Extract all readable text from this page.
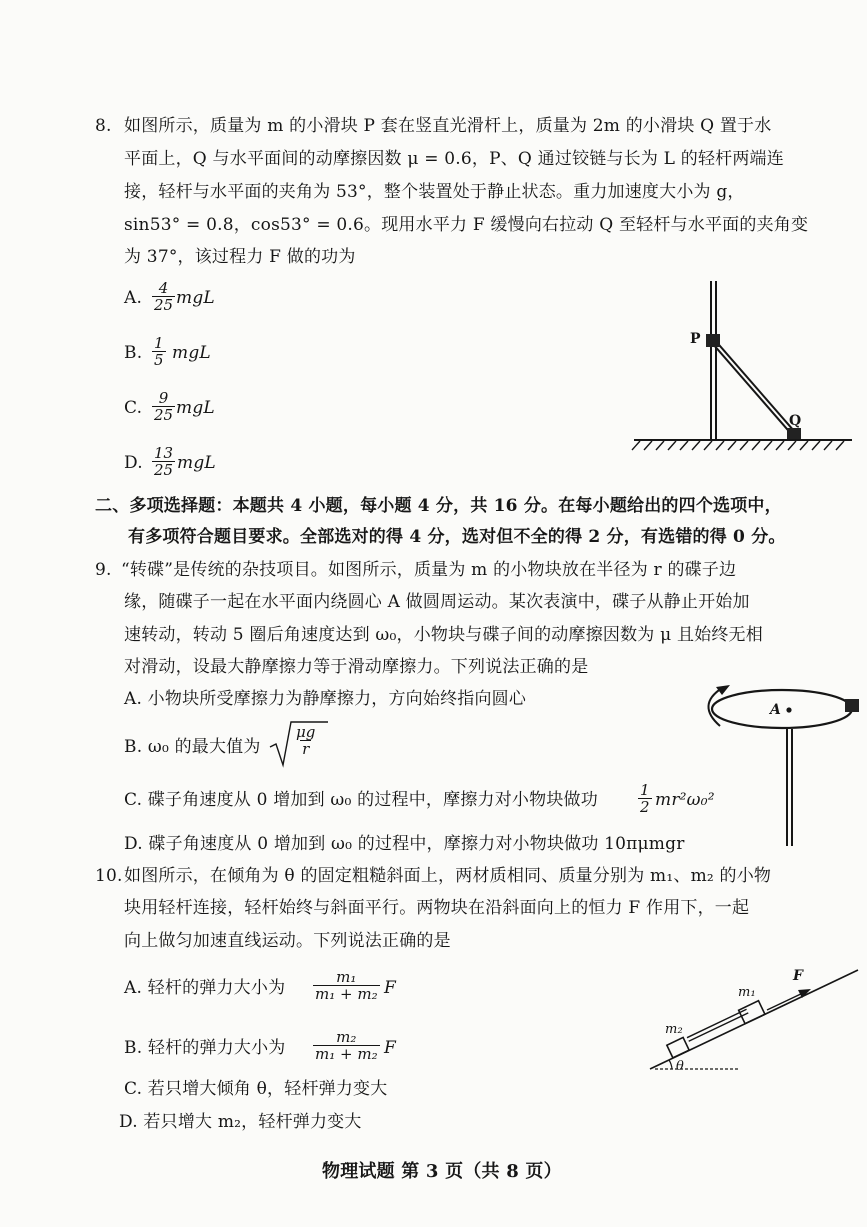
8. 如图所示，质量为 m 的小滑块 P 套在竖直光滑杆上，质量为 2m 的小滑块 Q 置于水
平面上，Q 与水平面间的动摩擦因数 μ = 0.6，P、Q 通过铰链与长为 L 的轻杆两端连
接，轻杆与水平面的夹角为 53°，整个装置处于静止状态。重力加速度大小为 g，
sin53° = 0.8，cos53° = 0.6。现用水平力 F 缓慢向右拉动 Q 至轻杆与水平面的夹角变
为 37°，该过程力 F 做的功为
A. $\frac{4}{25}$ mgL
B. $\frac{1}{5}$ mgL
C. $\frac{9}{25}$ mgL
D. $\frac{13}{25}$ mgL
P
Q
二、多项选择题：本题共 4 小题，每小题 4 分，共 16 分。在每小题给出的四个选项中，
有多项符合题目要求。全部选对的得 4 分，选对但不全的得 2 分，有选错的得 0 分。
9. “转碟”是传统的杂技项目。如图所示，质量为 m 的小物块放在半径为 r 的碟子边
缘，随碟子一起在水平面内绕圆心 A 做圆周运动。某次表演中，碟子从静止开始加
速转动，转动 5 圈后角速度达到 ω₀，小物块与碟子间的动摩擦因数为 μ 且始终无相
对滑动，设最大静摩擦力等于滑动摩擦力。下列说法正确的是
A. 小物块所受摩擦力为静摩擦力，方向始终指向圆心
B. ω₀ 的最大值为 $\frac{\mu g}{r}$
C. 碟子角速度从 0 增加到 ω₀ 的过程中，摩擦力对小物块做功	$\frac{1}{2} mr^2\omega_0^2$
D. 碟子角速度从 0 增加到 ω₀ 的过程中，摩擦力对小物块做功 10πμmgr
A
10. 如图所示，在倾角为 θ 的固定粗糙斜面上，两材质相同、质量分别为 m₁、m₂ 的小物
块用轻杆连接，轻杆始终与斜面平行。两物块在沿斜面向上的恒力 F 作用下，一起
向上做匀加速直线运动。下列说法正确的是
A. 轻杆的弹力大小为 $\frac{\text{m₁}}{\text{m₁ + m₂}}$ F
B. 轻杆的弹力大小为 $\frac{\text{m₂}}{\text{m₁ + m₂}}$ F
C. 若只增大倾角 θ，轻杆弹力变大
D. 若只增大 m₂，轻杆弹力变大
F
m₁
m₂
θ
物理试题 第 3 页（共 8 页）
